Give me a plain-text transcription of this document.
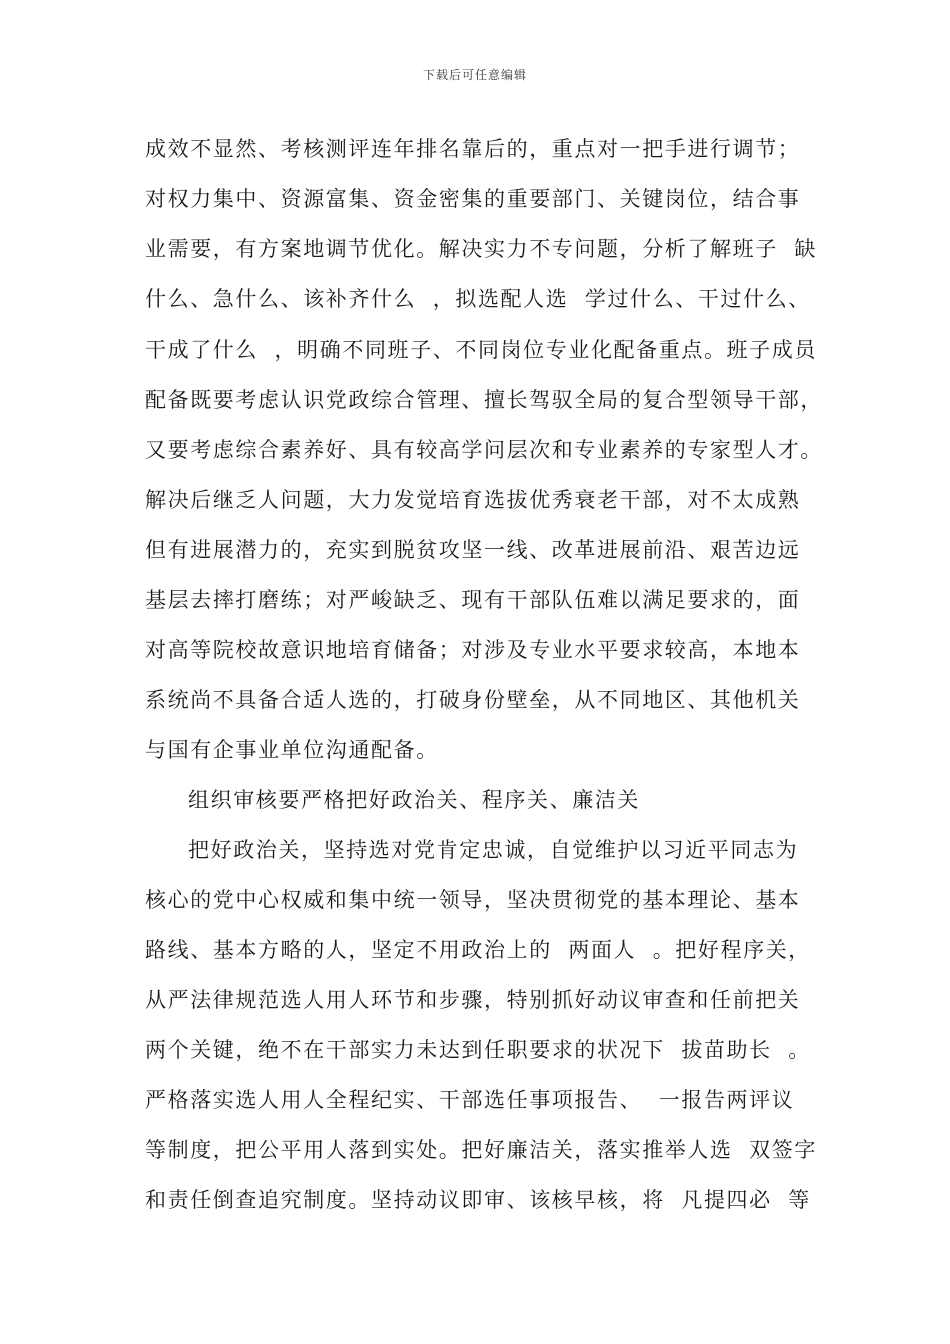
下载后可任意编辑
成效不显然、考核测评连年排名靠后的，重点对一把手进行调节；
对权力集中、资源富集、资金密集的重要部门、关键岗位，结合事
业需要，有方案地调节优化。解决实力不专问题，分析了解班子  缺
什么、急什么、该补齐什么  ，拟选配人选  学过什么、干过什么、
干成了什么  ，明确不同班子、不同岗位专业化配备重点。班子成员
配备既要考虑认识党政综合管理、擅长驾驭全局的复合型领导干部，
又要考虑综合素养好、具有较高学问层次和专业素养的专家型人才。
解决后继乏人问题，大力发觉培育选拔优秀衰老干部，对不太成熟
但有进展潜力的，充实到脱贫攻坚一线、改革进展前沿、艰苦边远
基层去摔打磨练；对严峻缺乏、现有干部队伍难以满足要求的，面
对高等院校故意识地培育储备；对涉及专业水平要求较高，本地本
系统尚不具备合适人选的，打破身份壁垒，从不同地区、其他机关
与国有企事业单位沟通配备。
组织审核要严格把好政治关、程序关、廉洁关
把好政治关，坚持选对党肯定忠诚，自觉维护以习近平同志为
核心的党中心权威和集中统一领导，坚决贯彻党的基本理论、基本
路线、基本方略的人，坚定不用政治上的  两面人  。把好程序关，
从严法律规范选人用人环节和步骤，特别抓好动议审查和任前把关
两个关键，绝不在干部实力未达到任职要求的状况下  拔苗助长  。
严格落实选人用人全程纪实、干部选任事项报告、  一报告两评议
等制度，把公平用人落到实处。把好廉洁关，落实推举人选  双签字
和责任倒查追究制度。坚持动议即审、该核早核，将  凡提四必  等
